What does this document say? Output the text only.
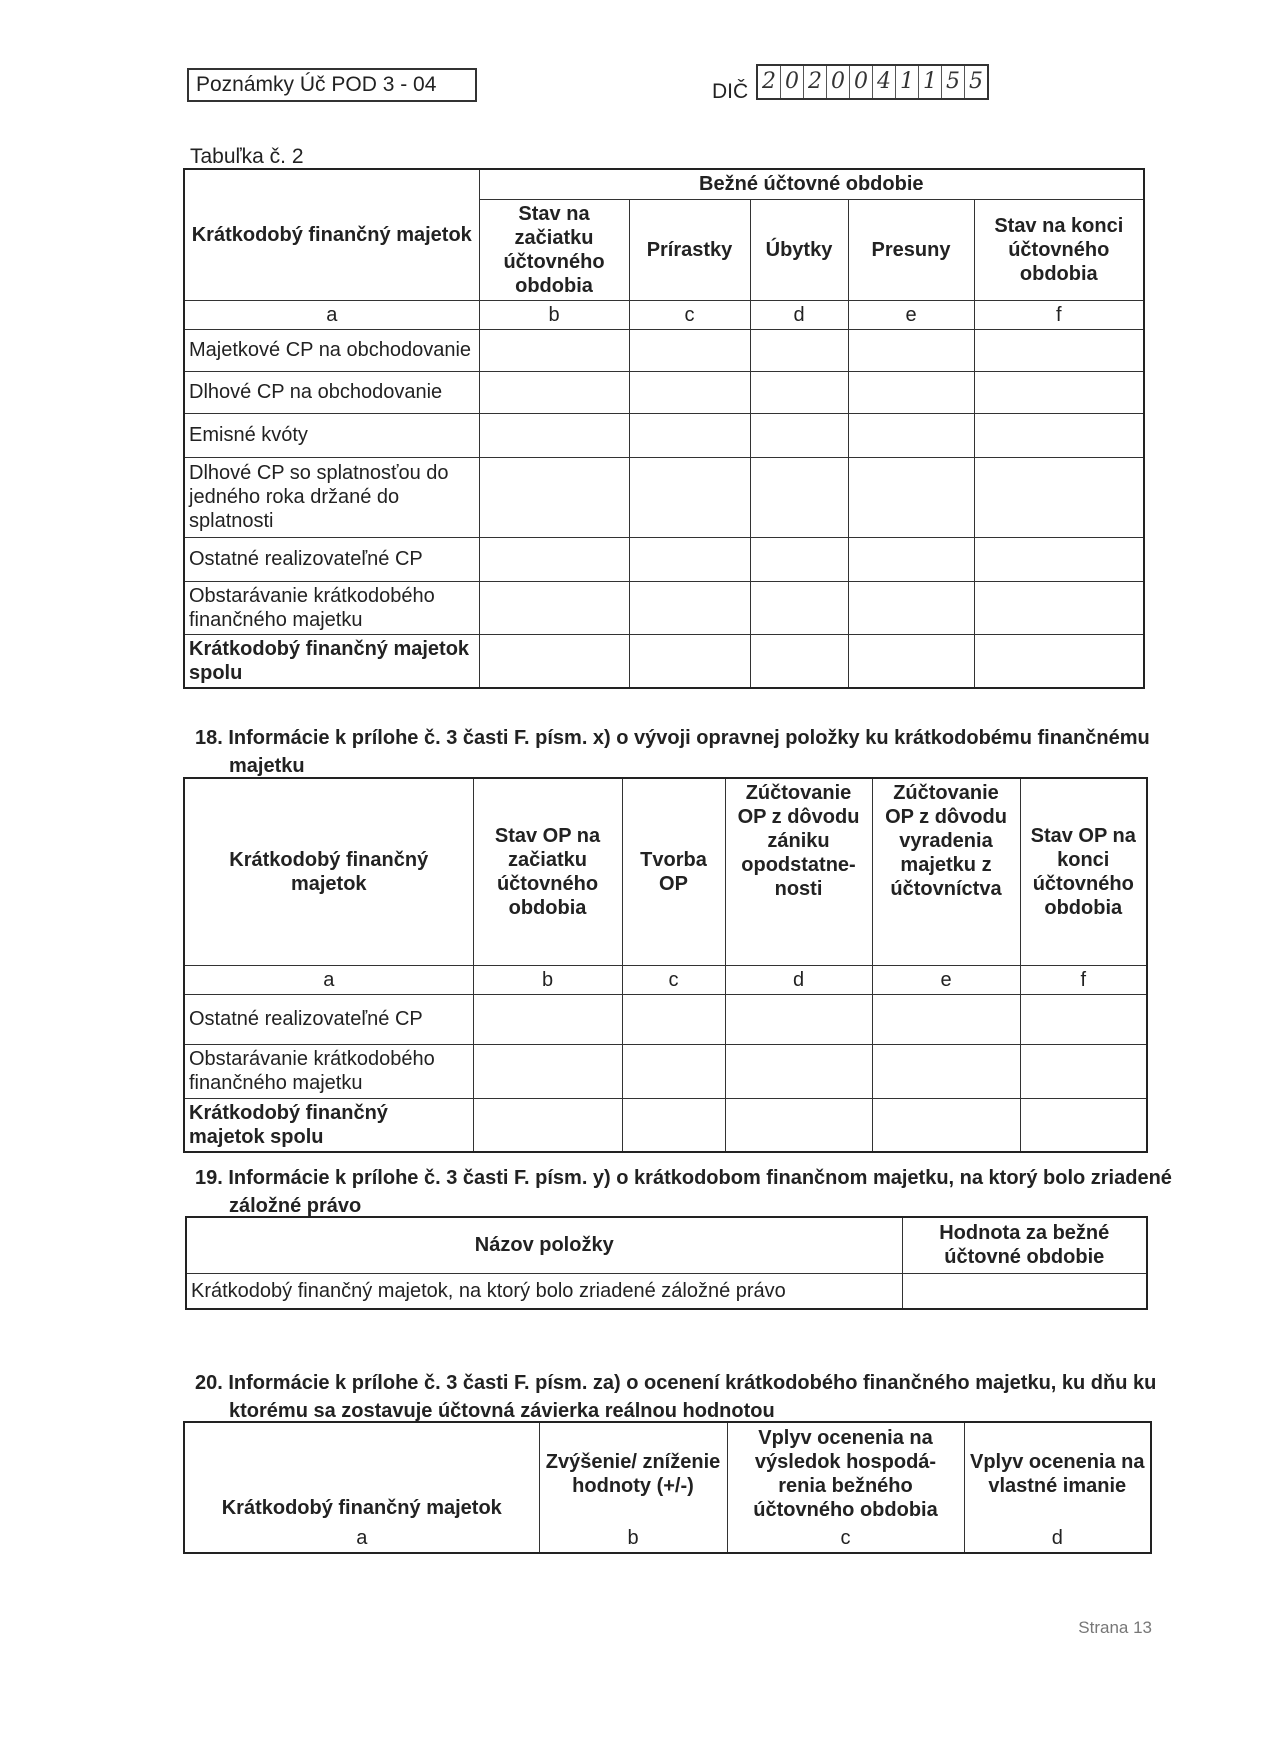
Poznámky Úč POD 3 - 04	DIČ 2 0 2 0 0 4 1 1 5 5
Tabuľka č. 2
Krátkodobý finančný majetok	Bežné účtovné obdobie				
	Stav na začiatku účtovného obdobia	Prírastky	Úbytky	Presuny	Stav na konci účtovného obdobia
a	b	c	d	e	f
Majetkové CP na obchodovanie					
Dlhové CP na obchodovanie					
Emisné kvóty					
Dlhové CP so splatnosťou do jedného roka držané do splatnosti					
Ostatné realizovateľné CP					
Obstarávanie krátkodobého finančného majetku					
Krátkodobý finančný majetok spolu					
18. Informácie k prílohe č. 3 časti F. písm. x) o vývoji opravnej položky ku krátkodobému finančnému
majetku
Krátkodobý finančný majetok	Stav OP na začiatku účtovného obdobia	Tvorba OP	Zúčtovanie OP z dôvodu zániku opodstatne-nosti	Zúčtovanie OP z dôvodu vyradenia majetku z účtovníctva	Stav OP na konci účtovného obdobia
a	b	c	d	e	f
Ostatné realizovateľné CP					
Obstarávanie krátkodobého finančného majetku					
Krátkodobý finančný majetok spolu					
19. Informácie k prílohe č. 3 časti F. písm. y) o krátkodobom finančnom majetku, na ktorý bolo zriadené
záložné právo
Názov položky	Hodnota za bežné účtovné obdobie
Krátkodobý finančný majetok, na ktorý bolo zriadené záložné právo	
20. Informácie k prílohe č. 3 časti F. písm. za) o ocenení krátkodobého finančného majetku, ku dňu ku
ktorému sa zostavuje účtovná závierka reálnou hodnotou
Krátkodobý finančný majetok	Zvýšenie/ zníženie hodnoty (+/-)	Vplyv ocenenia na výsledok hospodá-renia bežného účtovného obdobia	Vplyv ocenenia na vlastné imanie
a	b	c	d
Strana 13
